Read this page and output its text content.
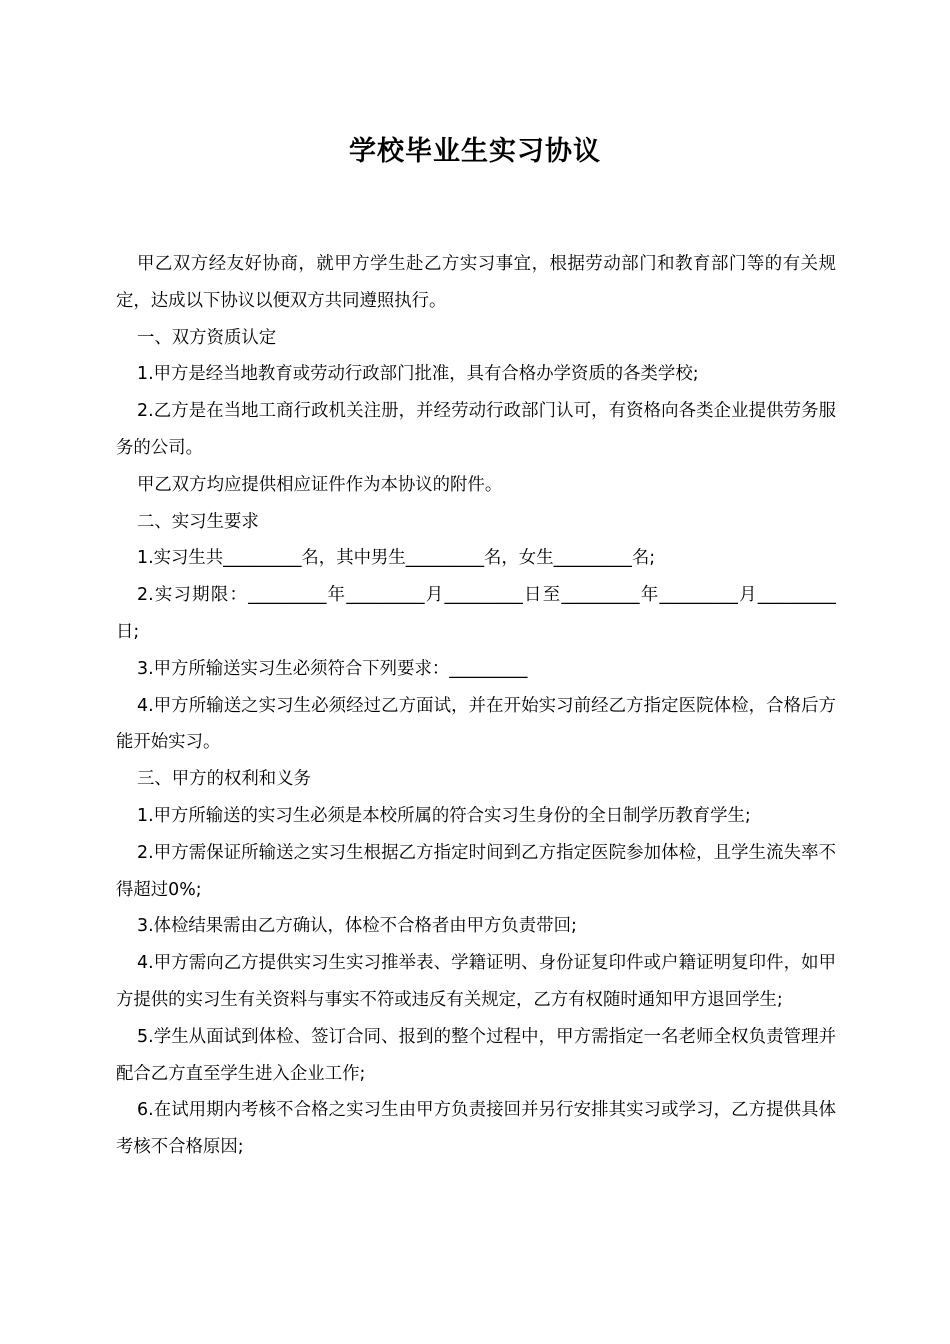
学校毕业生实习协议

甲乙双方经友好协商，就甲方学生赴乙方实习事宜，根据劳动部门和教育部门等的有关规定，达成以下协议以便双方共同遵照执行。

一、双方资质认定

1.甲方是经当地教育或劳动行政部门批准，具有合格办学资质的各类学校;

2.乙方是在当地工商行政机关注册，并经劳动行政部门认可，有资格向各类企业提供劳务服务的公司。

甲乙双方均应提供相应证件作为本协议的附件。

二、实习生要求

1.实习生共_________名，其中男生_________名，女生_________名;

2.实习期限：_________年_________月_________日至_________年_________月_________日;

3.甲方所输送实习生必须符合下列要求：_________

4.甲方所输送之实习生必须经过乙方面试，并在开始实习前经乙方指定医院体检，合格后方能开始实习。

三、甲方的权利和义务

1.甲方所输送的实习生必须是本校所属的符合实习生身份的全日制学历教育学生;

2.甲方需保证所输送之实习生根据乙方指定时间到乙方指定医院参加体检，且学生流失率不得超过0%;

3.体检结果需由乙方确认，体检不合格者由甲方负责带回;

4.甲方需向乙方提供实习生实习推举表、学籍证明、身份证复印件或户籍证明复印件，如甲方提供的实习生有关资料与事实不符或违反有关规定，乙方有权随时通知甲方退回学生;

5.学生从面试到体检、签订合同、报到的整个过程中，甲方需指定一名老师全权负责管理并配合乙方直至学生进入企业工作;

6.在试用期内考核不合格之实习生由甲方负责接回并另行安排其实习或学习，乙方提供具体考核不合格原因;
